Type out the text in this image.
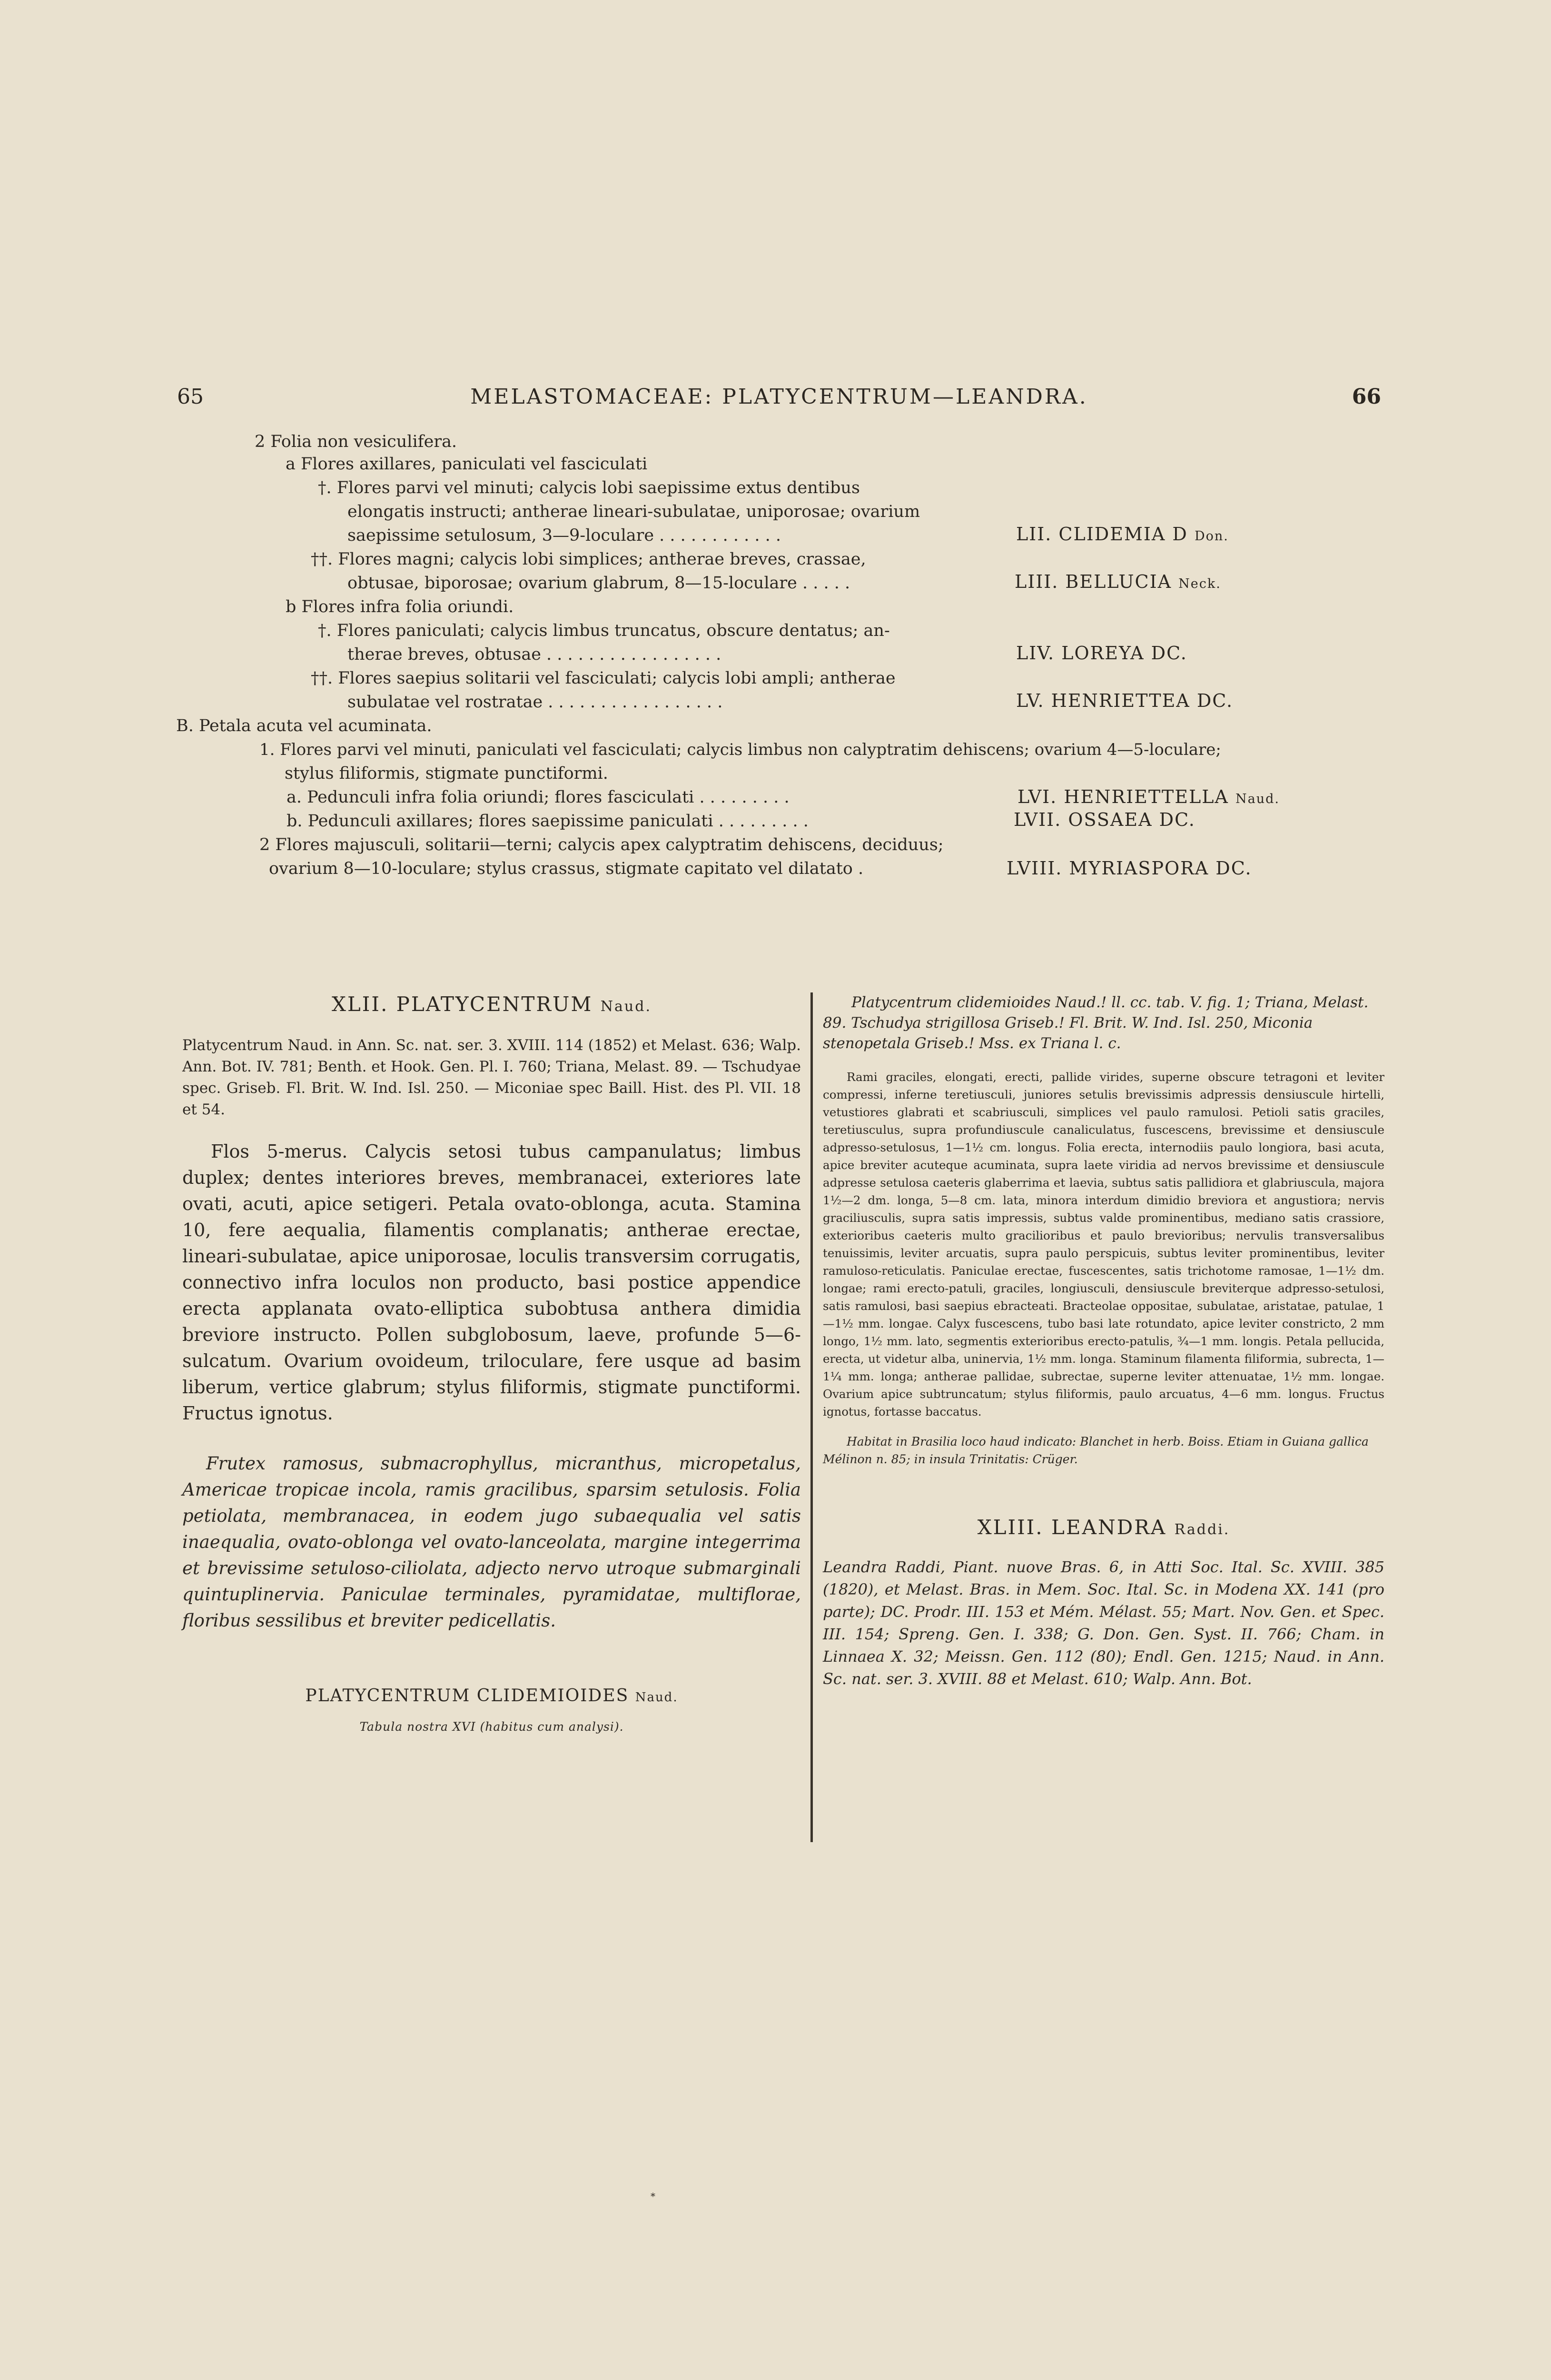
65	MELASTOMACEAE: PLATYCENTRUM—LEANDRA.	66
2 Folia non vesiculifera.
a Flores axillares, paniculati vel fasciculati
†. Flores parvi vel minuti; calycis lobi saepissime extus dentibus
elongatis instructi; antherae lineari-subulatae, uniporosae; ovarium
saepissime setulosum, 3—9-loculare . . . . . . . . . . . .
††. Flores magni; calycis lobi simplices; antherae breves, crassae,
obtusae, biporosae; ovarium glabrum, 8—15-loculare . . . . .
b Flores infra folia oriundi.
†. Flores paniculati; calycis limbus truncatus, obscure dentatus; an-
therae breves, obtusae . . . . . . . . . . . . . . . . .
††. Flores saepius solitarii vel fasciculati; calycis lobi ampli; antherae
subulatae vel rostratae . . . . . . . . . . . . . . . . .
B. Petala acuta vel acuminata.
1. Flores parvi vel minuti, paniculati vel fasciculati; calycis limbus non calyptratim dehiscens; ovarium 4—5-loculare;
stylus filiformis, stigmate punctiformi.
a. Pedunculi infra folia oriundi; flores fasciculati . . . . . . . . .
b. Pedunculi axillares; flores saepissime paniculati . . . . . . . . .
2 Flores majusculi, solitarii—terni; calycis apex calyptratim dehiscens, deciduus;
ovarium 8—10-loculare; stylus crassus, stigmate capitato vel dilatato .
LII. CLIDEMIA D Don.
LIII. BELLUCIA Neck.
LIV. LOREYA DC.
LV. HENRIETTEA DC.
LVI. HENRIETTELLA Naud.
LVII. OSSAEA DC.
LVIII. MYRIASPORA DC.

XLII. PLATYCENTRUM Naud.

Platycentrum Naud. in Ann. Sc. nat. ser. 3. XVIII. 114 (1852) et Melast. 636; Walp. Ann. Bot. IV. 781; Benth. et Hook. Gen. Pl. I. 760; Triana, Melast. 89. — Tschudyae spec. Griseb. Fl. Brit. W. Ind. Isl. 250. — Miconiae spec Baill. Hist. des Pl. VII. 18 et 54.
Flos 5-merus. Calycis setosi tubus campanulatus; limbus duplex; dentes interiores breves, membranacei, exteriores late ovati, acuti, apice setigeri. Petala ovato-oblonga, acuta. Stamina 10, fere aequalia, filamentis complanatis; antherae erectae, lineari-subulatae, apice uniporosae, loculis transversim corrugatis, connectivo infra loculos non producto, basi postice appendice erecta applanata ovato-elliptica subobtusa anthera dimidia breviore instructo. Pollen subglobosum, laeve, profunde 5—6-sulcatum. Ovarium ovoideum, triloculare, fere usque ad basim liberum, vertice glabrum; stylus filiformis, stigmate punctiformi. Fructus ignotus.
Frutex ramosus, submacrophyllus, micranthus, micropetalus, Americae tropicae incola, ramis gracilibus, sparsim setulosis. Folia petiolata, membranacea, in eodem jugo subaequalia vel satis inaequalia, ovato-oblonga vel ovato-lanceolata, margine integerrima et brevissime setuloso-ciliolata, adjecto nervo utroque submarginali quintuplinervia. Paniculae terminales, pyramidatae, multiflorae, floribus sessilibus et breviter pedicellatis.
PLATYCENTRUM CLIDEMIOIDES Naud.
Tabula nostra XVI (habitus cum analysi).
Platycentrum clidemioides Naud.! ll. cc. tab. V. fig. 1; Triana, Melast. 89. Tschudya strigillosa Griseb.! Fl. Brit. W. Ind. Isl. 250, Miconia stenopetala Griseb.! Mss. ex Triana l. c.
Rami graciles, elongati, erecti, pallide virides, superne obscure tetragoni et leviter compressi, inferne teretiusculi, juniores setulis brevissimis adpressis densiuscule hirtelli, vetustiores glabrati et scabriusculi, simplices vel paulo ramulosi. Petioli satis graciles, teretiusculus, supra profundiuscule canaliculatus, fuscescens, brevissime et densiuscule adpresso-setulosus, 1—1½ cm. longus. Folia erecta, internodiis paulo longiora, basi acuta, apice breviter acuteque acuminata, supra laete viridia ad nervos brevissime et densiuscule adpresse setulosa caeteris glaberrima et laevia, subtus satis pallidiora et glabriuscula, majora 1½—2 dm. longa, 5—8 cm. lata, minora interdum dimidio breviora et angustiora; nervis graciliusculis, supra satis impressis, subtus valde prominentibus, mediano satis crassiore, exterioribus caeteris multo gracilioribus et paulo brevioribus; nervulis transversalibus tenuissimis, leviter arcuatis, supra paulo perspicuis, subtus leviter prominentibus, leviter ramuloso-reticulatis. Paniculae erectae, fuscescentes, satis trichotome ramosae, 1—1½ dm. longae; rami erecto-patuli, graciles, longiusculi, densiuscule breviterque adpresso-setulosi, satis ramulosi, basi saepius ebracteati. Bracteolae oppositae, subulatae, aristatae, patulae, 1—1½ mm. longae. Calyx fuscescens, tubo basi late rotundato, apice leviter constricto, 2 mm longo, 1½ mm. lato, segmentis exterioribus erecto-patulis, ¾—1 mm. longis. Petala pellucida, erecta, ut videtur alba, uninervia, 1½ mm. longa. Staminum filamenta filiformia, subrecta, 1—1¼ mm. longa; antherae pallidae, subrectae, superne leviter attenuatae, 1½ mm. longae. Ovarium apice subtruncatum; stylus filiformis, paulo arcuatus, 4—6 mm. longus. Fructus ignotus, fortasse baccatus.
Habitat in Brasilia loco haud indicato: Blanchet in herb. Boiss. Etiam in Guiana gallica Mélinon n. 85; in insula Trinitatis: Crüger.
XLIII. LEANDRA Raddi.
Leandra Raddi, Piant. nuove Bras. 6, in Atti Soc. Ital. Sc. XVIII. 385 (1820), et Melast. Bras. in Mem. Soc. Ital. Sc. in Modena XX. 141 (pro parte); DC. Prodr. III. 153 et Mém. Mélast. 55; Mart. Nov. Gen. et Spec. III. 154; Spreng. Gen. I. 338; G. Don. Gen. Syst. II. 766; Cham. in Linnaea X. 32; Meissn. Gen. 112 (80); Endl. Gen. 1215; Naud. in Ann. Sc. nat. ser. 3. XVIII. 88 et Melast. 610; Walp. Ann. Bot.
*
